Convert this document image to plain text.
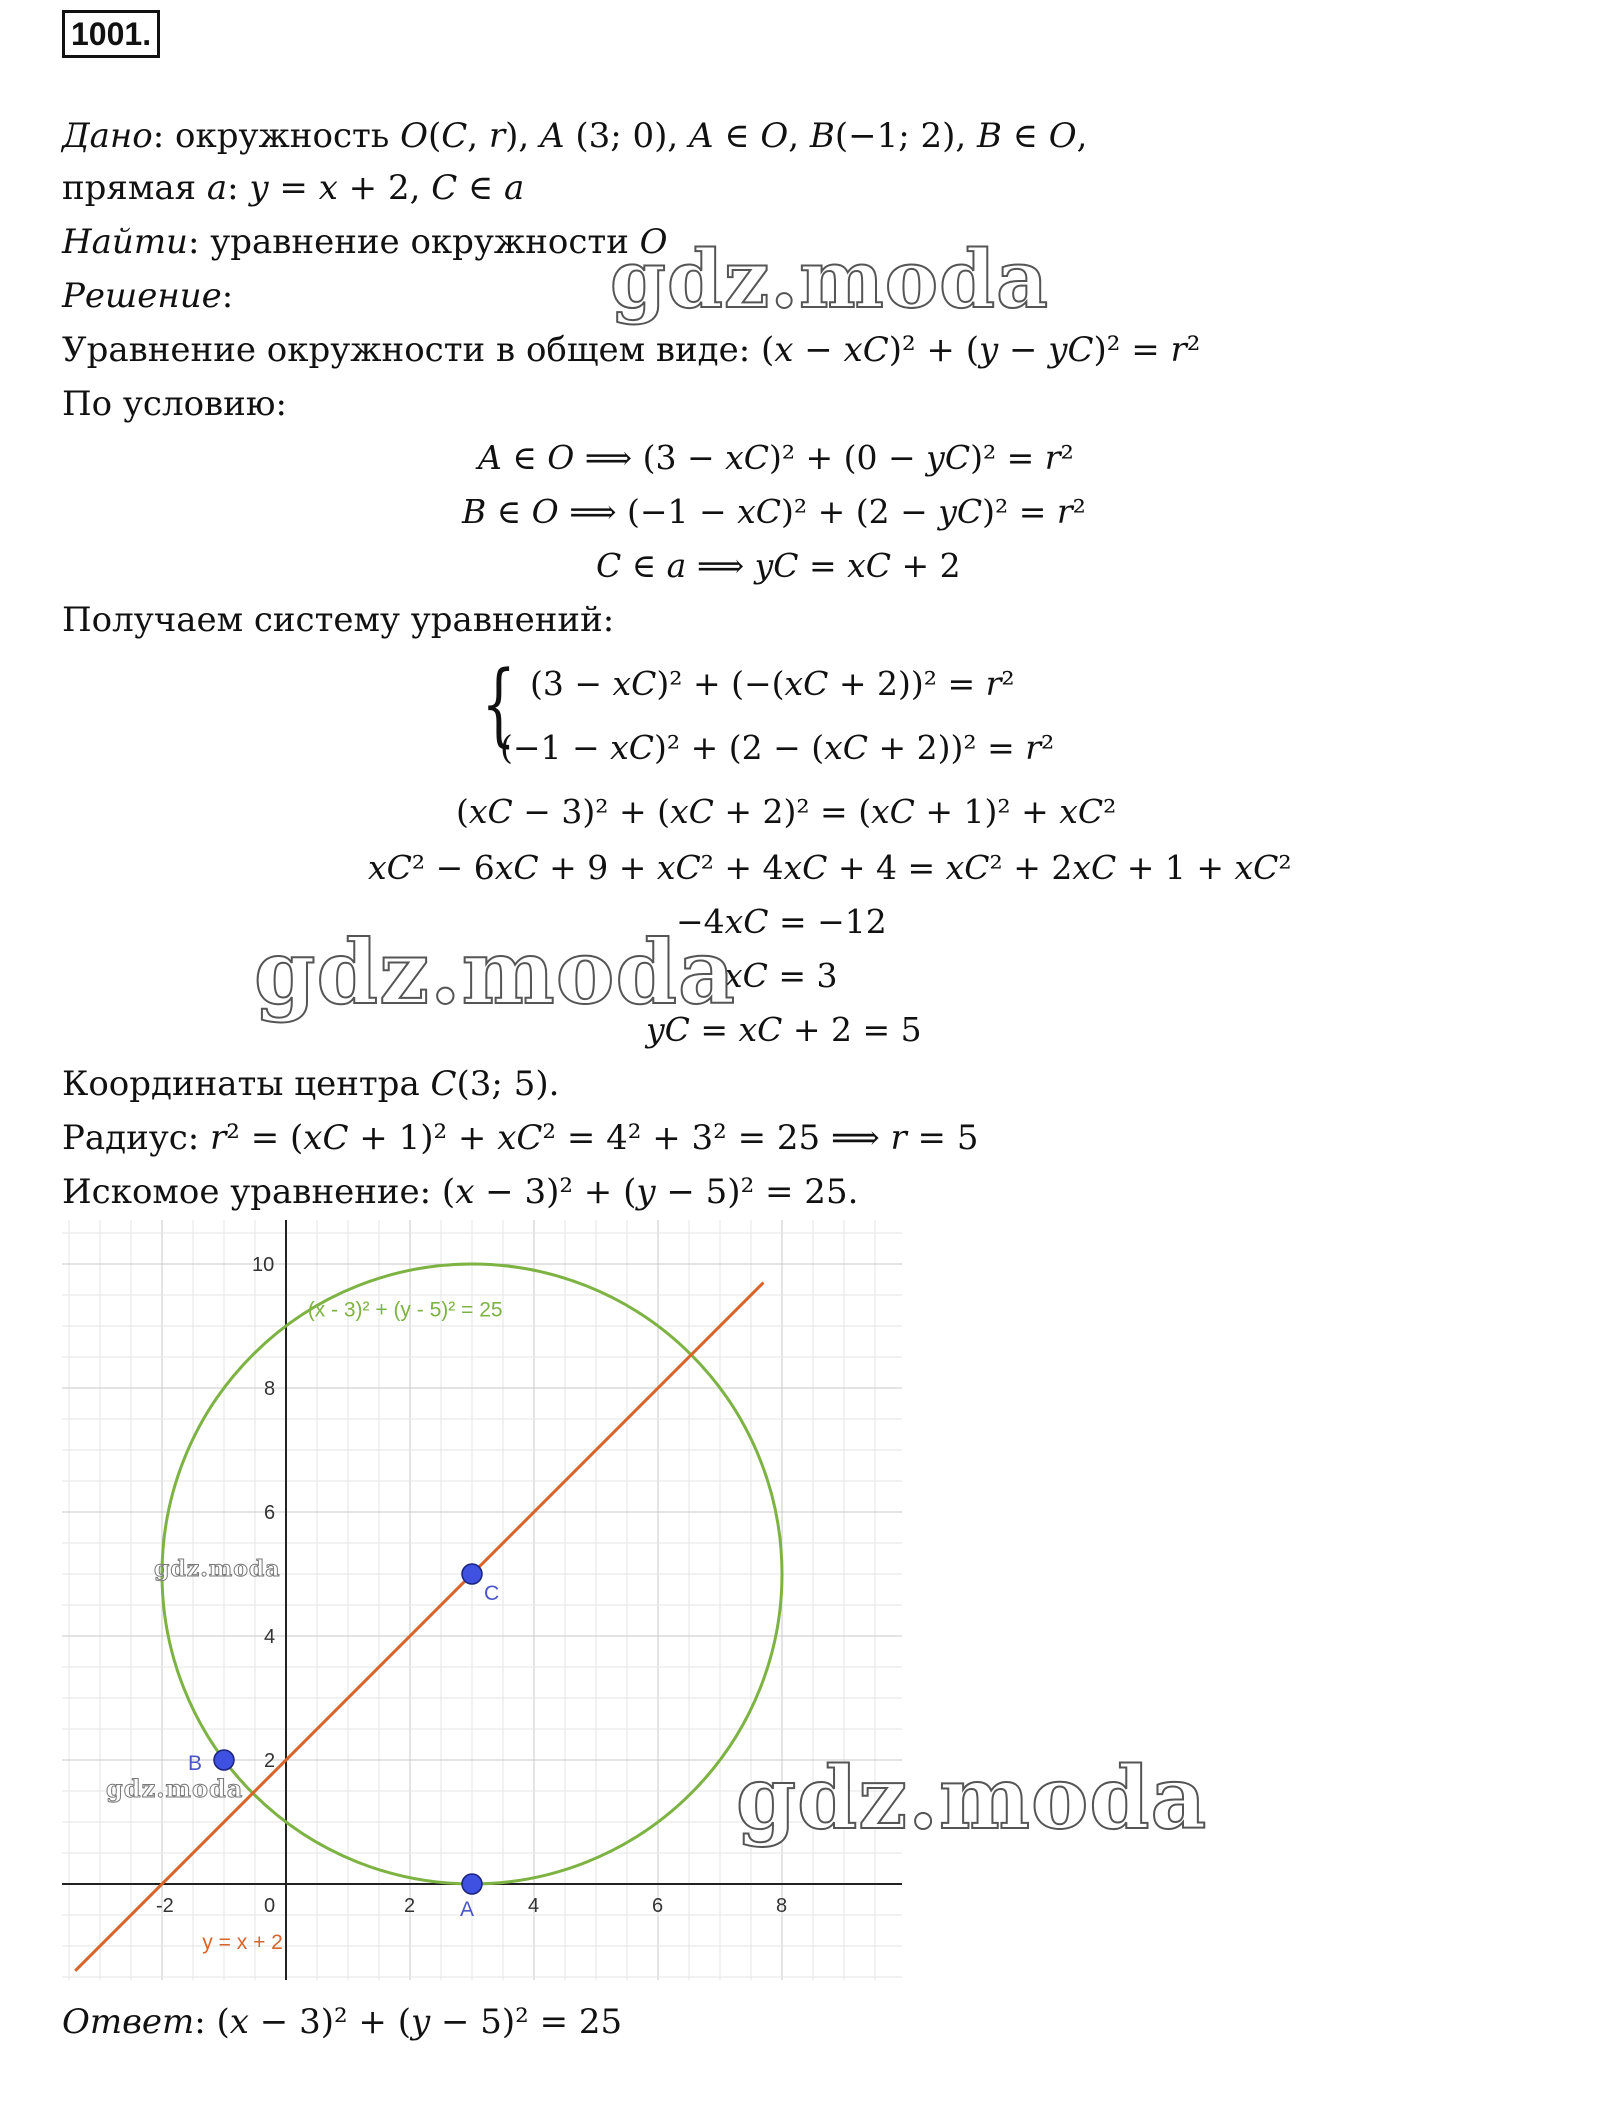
1001.
Дано: окружность 𝑂(𝐶, 𝑟), 𝐴 (3; 0), 𝐴 ∈ 𝑂, 𝐵(−1; 2), 𝐵 ∈ 𝑂,
прямая 𝑎: 𝑦 = 𝑥 + 2, 𝐶 ∈ 𝑎
Найти: уравнение окружности 𝑂
Решение:	gdz.moda
Уравнение окружности в общем виде: (𝑥 − 𝑥𝐶)² + (𝑦 − 𝑦𝐶)² = 𝑟²
По условию:
𝐴 ∈ 𝑂 ⟹ (3 − 𝑥𝐶)² + (0 − 𝑦𝐶)² = 𝑟²
𝐵 ∈ 𝑂 ⟹ (−1 − 𝑥𝐶)² + (2 − 𝑦𝐶)² = 𝑟²
𝐶 ∈ 𝑎 ⟹ 𝑦𝐶 = 𝑥𝐶 + 2
Получаем систему уравнений:
{ (3 − 𝑥𝐶)² + (−(𝑥𝐶 + 2))² = 𝑟²
(−1 − 𝑥𝐶)² + (2 − (𝑥𝐶 + 2))² = 𝑟²
(𝑥𝐶 − 3)² + (𝑥𝐶 + 2)² = (𝑥𝐶 + 1)² + 𝑥𝐶²
𝑥𝐶² − 6𝑥𝐶 + 9 + 𝑥𝐶² + 4𝑥𝐶 + 4 = 𝑥𝐶² + 2𝑥𝐶 + 1 + 𝑥𝐶²
−4𝑥𝐶 = −12
𝑥𝐶 = 3
𝑦𝐶 = 𝑥𝐶 + 2 = 5
gdz.moda
Координаты центра 𝐶(3; 5).
Радиус: 𝑟² = (𝑥𝐶 + 1)² + 𝑥𝐶² = 4² + 3² = 25 ⟹ 𝑟 = 5
Искомое уравнение: (𝑥 − 3)² + (𝑦 − 5)² = 25.
-2	0	2	4	6	8
2
4
6
8
10
A
B
C
(x - 3)² + (y - 5)² = 25
y = x + 2
gdz.moda
gdz.moda	gdz.moda
Ответ: (𝑥 − 3)² + (𝑦 − 5)² = 25
